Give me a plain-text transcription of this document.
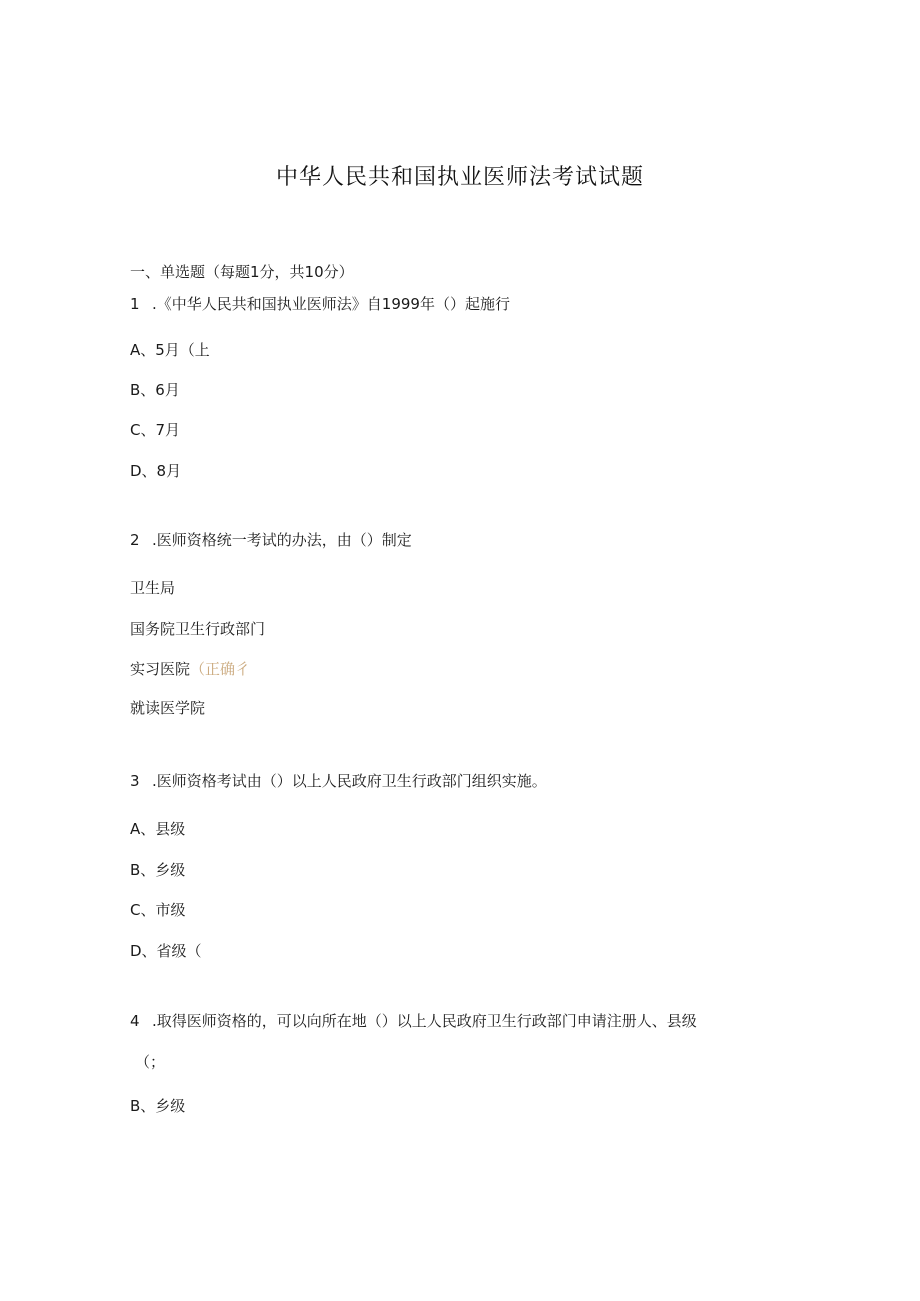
中华人民共和国执业医师法考试试题
一、单选题（每题1分，共10分）
1 .《中华人民共和国执业医师法》自1999年（）起施行
A、5月（上
B、6月
C、7月
D、8月
2 .医师资格统一考试的办法，由（）制定
卫生局
国务院卫生行政部门
实习医院（正确彳
就读医学院
3 .医师资格考试由（）以上人民政府卫生行政部门组织实施。
A、县级
B、乡级
C、市级
D、省级（
4 .取得医师资格的，可以向所在地（）以上人民政府卫生行政部门申请注册人、县级
（；
B、乡级
